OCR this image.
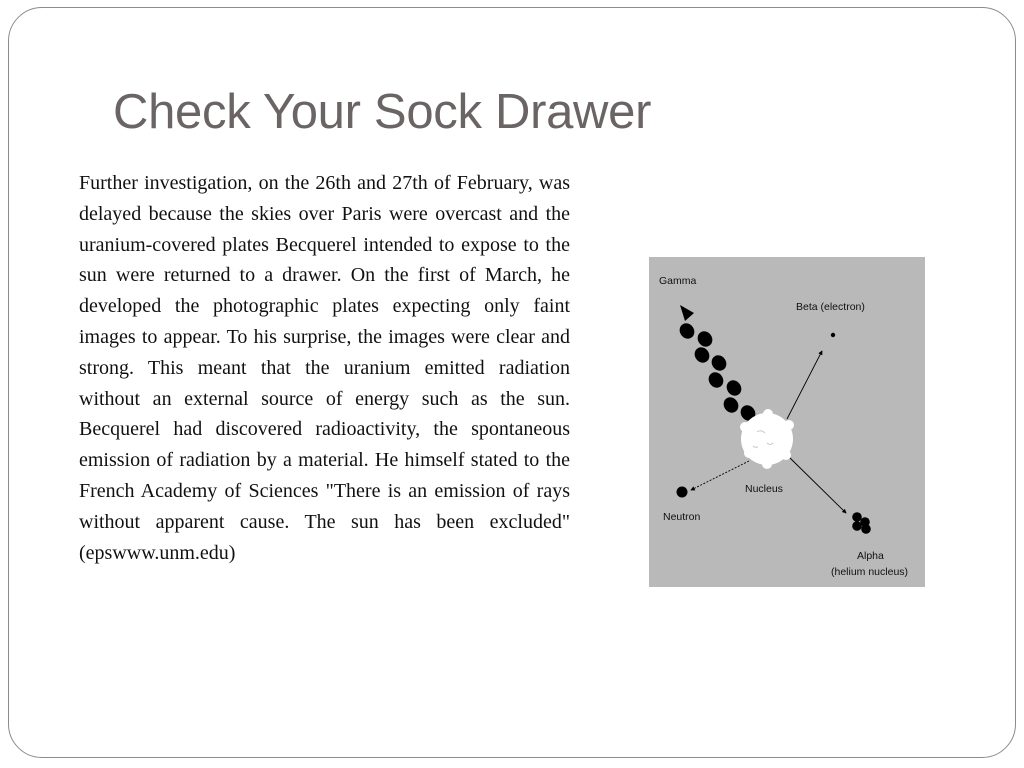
Check Your Sock Drawer

Further investigation, on the 26th and 27th of February, was delayed because the skies over Paris were overcast and the uranium-covered plates Becquerel intended to expose to the sun were returned to a drawer. On the first of March, he developed the photographic plates expecting only faint images to appear. To his surprise, the images were clear and strong. This meant that the uranium emitted radiation without an external source of energy such as the sun. Becquerel had discovered radioactivity, the spontaneous emission of radiation by a material. He himself stated to the French Academy of Sciences "There is an emission of rays without apparent cause. The sun has been excluded" (epswww.unm.edu)

Gamma
Beta (electron)
Nucleus
Neutron
Alpha
(helium nucleus)
